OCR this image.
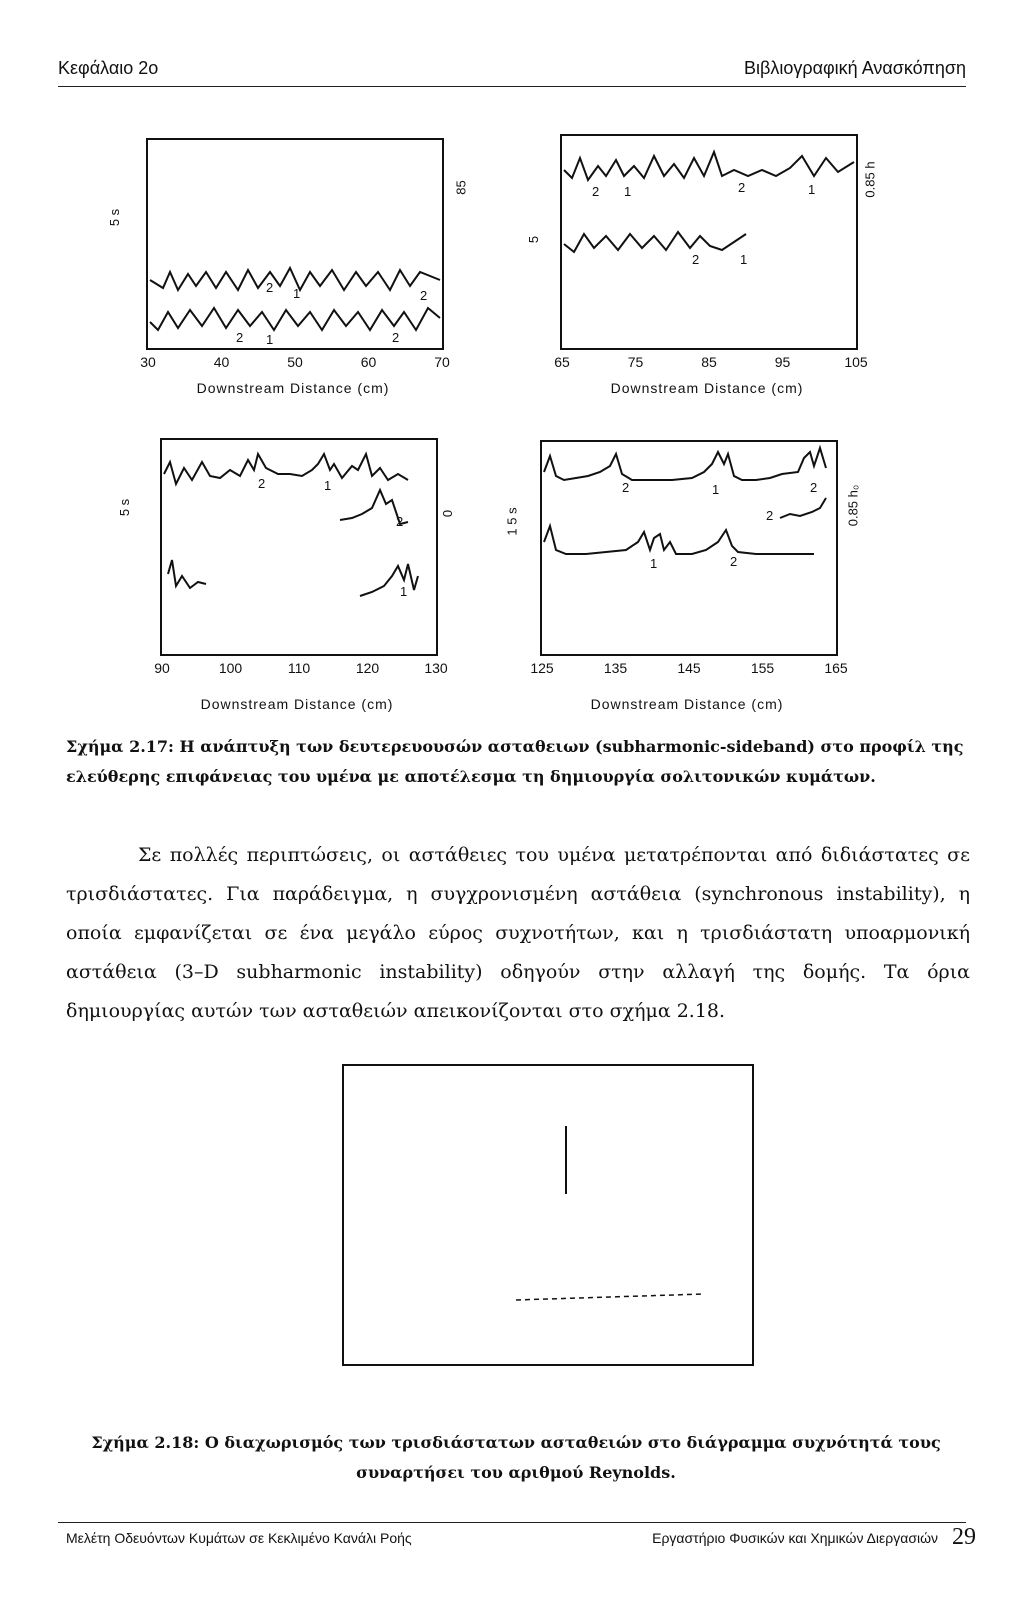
Κεφάλαιο 2ο	Βιβλιογραφική Ανασκόπηση
2 1	2
2 1	2
5 s
85
30	40	50	60	70
Downstream Distance (cm)
2 1	2	1
2	1
5
0.85 h
65	75	85	95	105
Downstream Distance (cm)
2	1
2
1
5 s	0
90	100	110	120	130
Downstream Distance (cm)
2	1	2
2
1	2
1 5 s	0.85 h₀
125	135	145	155	165
Downstream Distance (cm)
Σχήμα 2.17: Η ανάπτυξη των δευτερευουσών ασταθειων (subharmonic-sideband) στο προφίλ της ελεύθερης επιφάνειας του υμένα με αποτέλεσμα τη δημιουργία σολιτονικών κυμάτων.
Σε πολλές περιπτώσεις, οι αστάθειες του υμένα μετατρέπονται από διδιάστατες σε τρισδιάστατες. Για παράδειγμα, η συγχρονισμένη αστάθεια (synchronous instability), η οποία εμφανίζεται σε ένα μεγάλο εύρος συχνοτήτων, και η τρισδιάστατη υποαρμονική αστάθεια (3–D subharmonic instability) οδηγούν στην αλλαγή της δομής. Τα όρια δημιουργίας αυτών των ασταθειών απεικονίζονται στο σχήμα 2.18.
Σχήμα 2.18: Ο διαχωρισμός των τρισδιάστατων ασταθειών στο διάγραμμα συχνότητά τους συναρτήσει του αριθμού Reynolds.
Μελέτη Οδευόντων Κυμάτων σε Κεκλιμένο Κανάλι Ροής	Εργαστήριο Φυσικών και Χημικών Διεργασιών 29
